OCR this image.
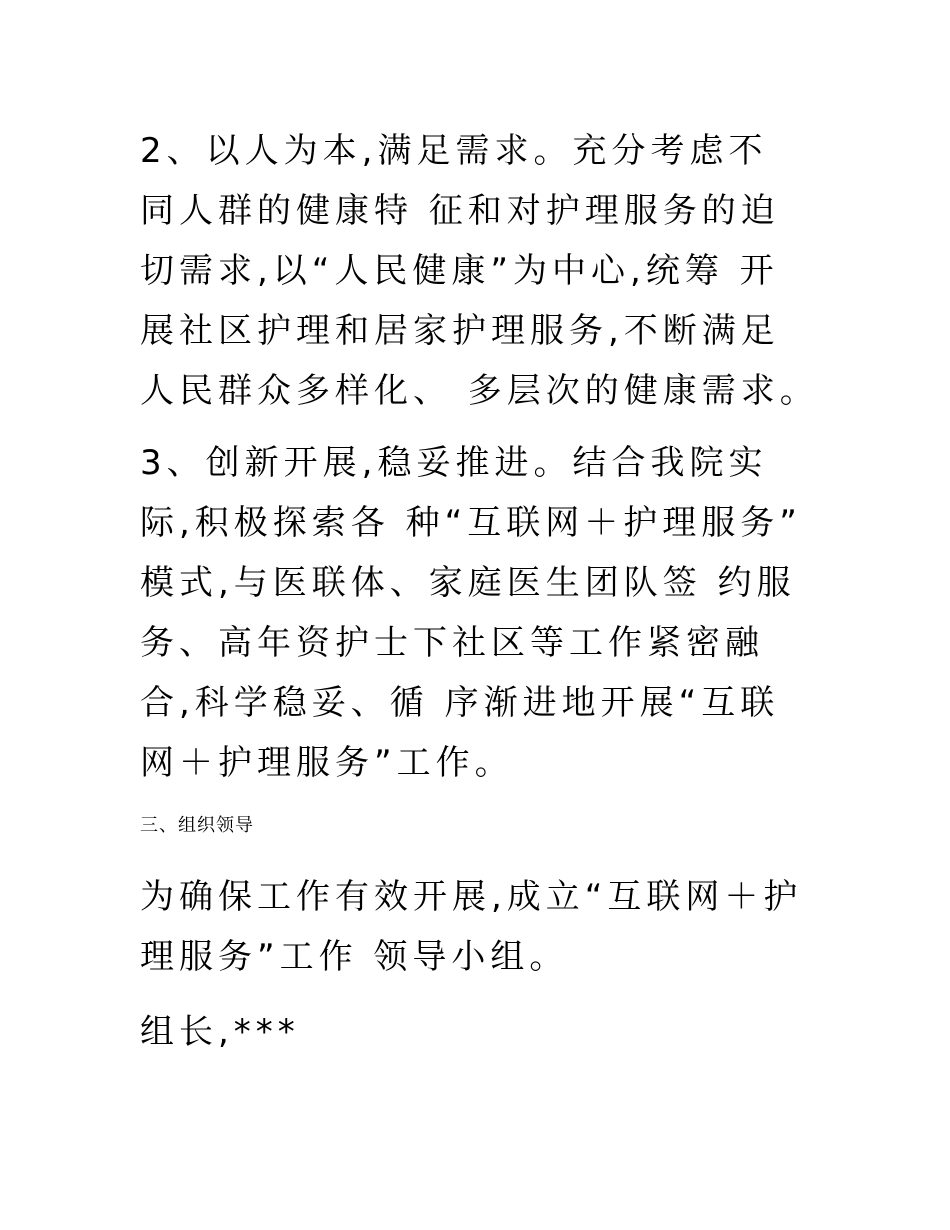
2、以人为本,满足需求。充分考虑不
同人群的健康特 征和对护理服务的迫
切需求,以“人民健康”为中心,统筹 开
展社区护理和居家护理服务,不断满足
人民群众多样化、 多层次的健康需求。
3、创新开展,稳妥推进。结合我院实
际,积极探索各 种“互联网＋护理服务”
模式,与医联体、家庭医生团队签 约服
务、高年资护士下社区等工作紧密融
合,科学稳妥、循 序渐进地开展“互联
网＋护理服务”工作。

三、组织领导

为确保工作有效开展,成立“互联网＋护
理服务”工作 领导小组。
组长,***
